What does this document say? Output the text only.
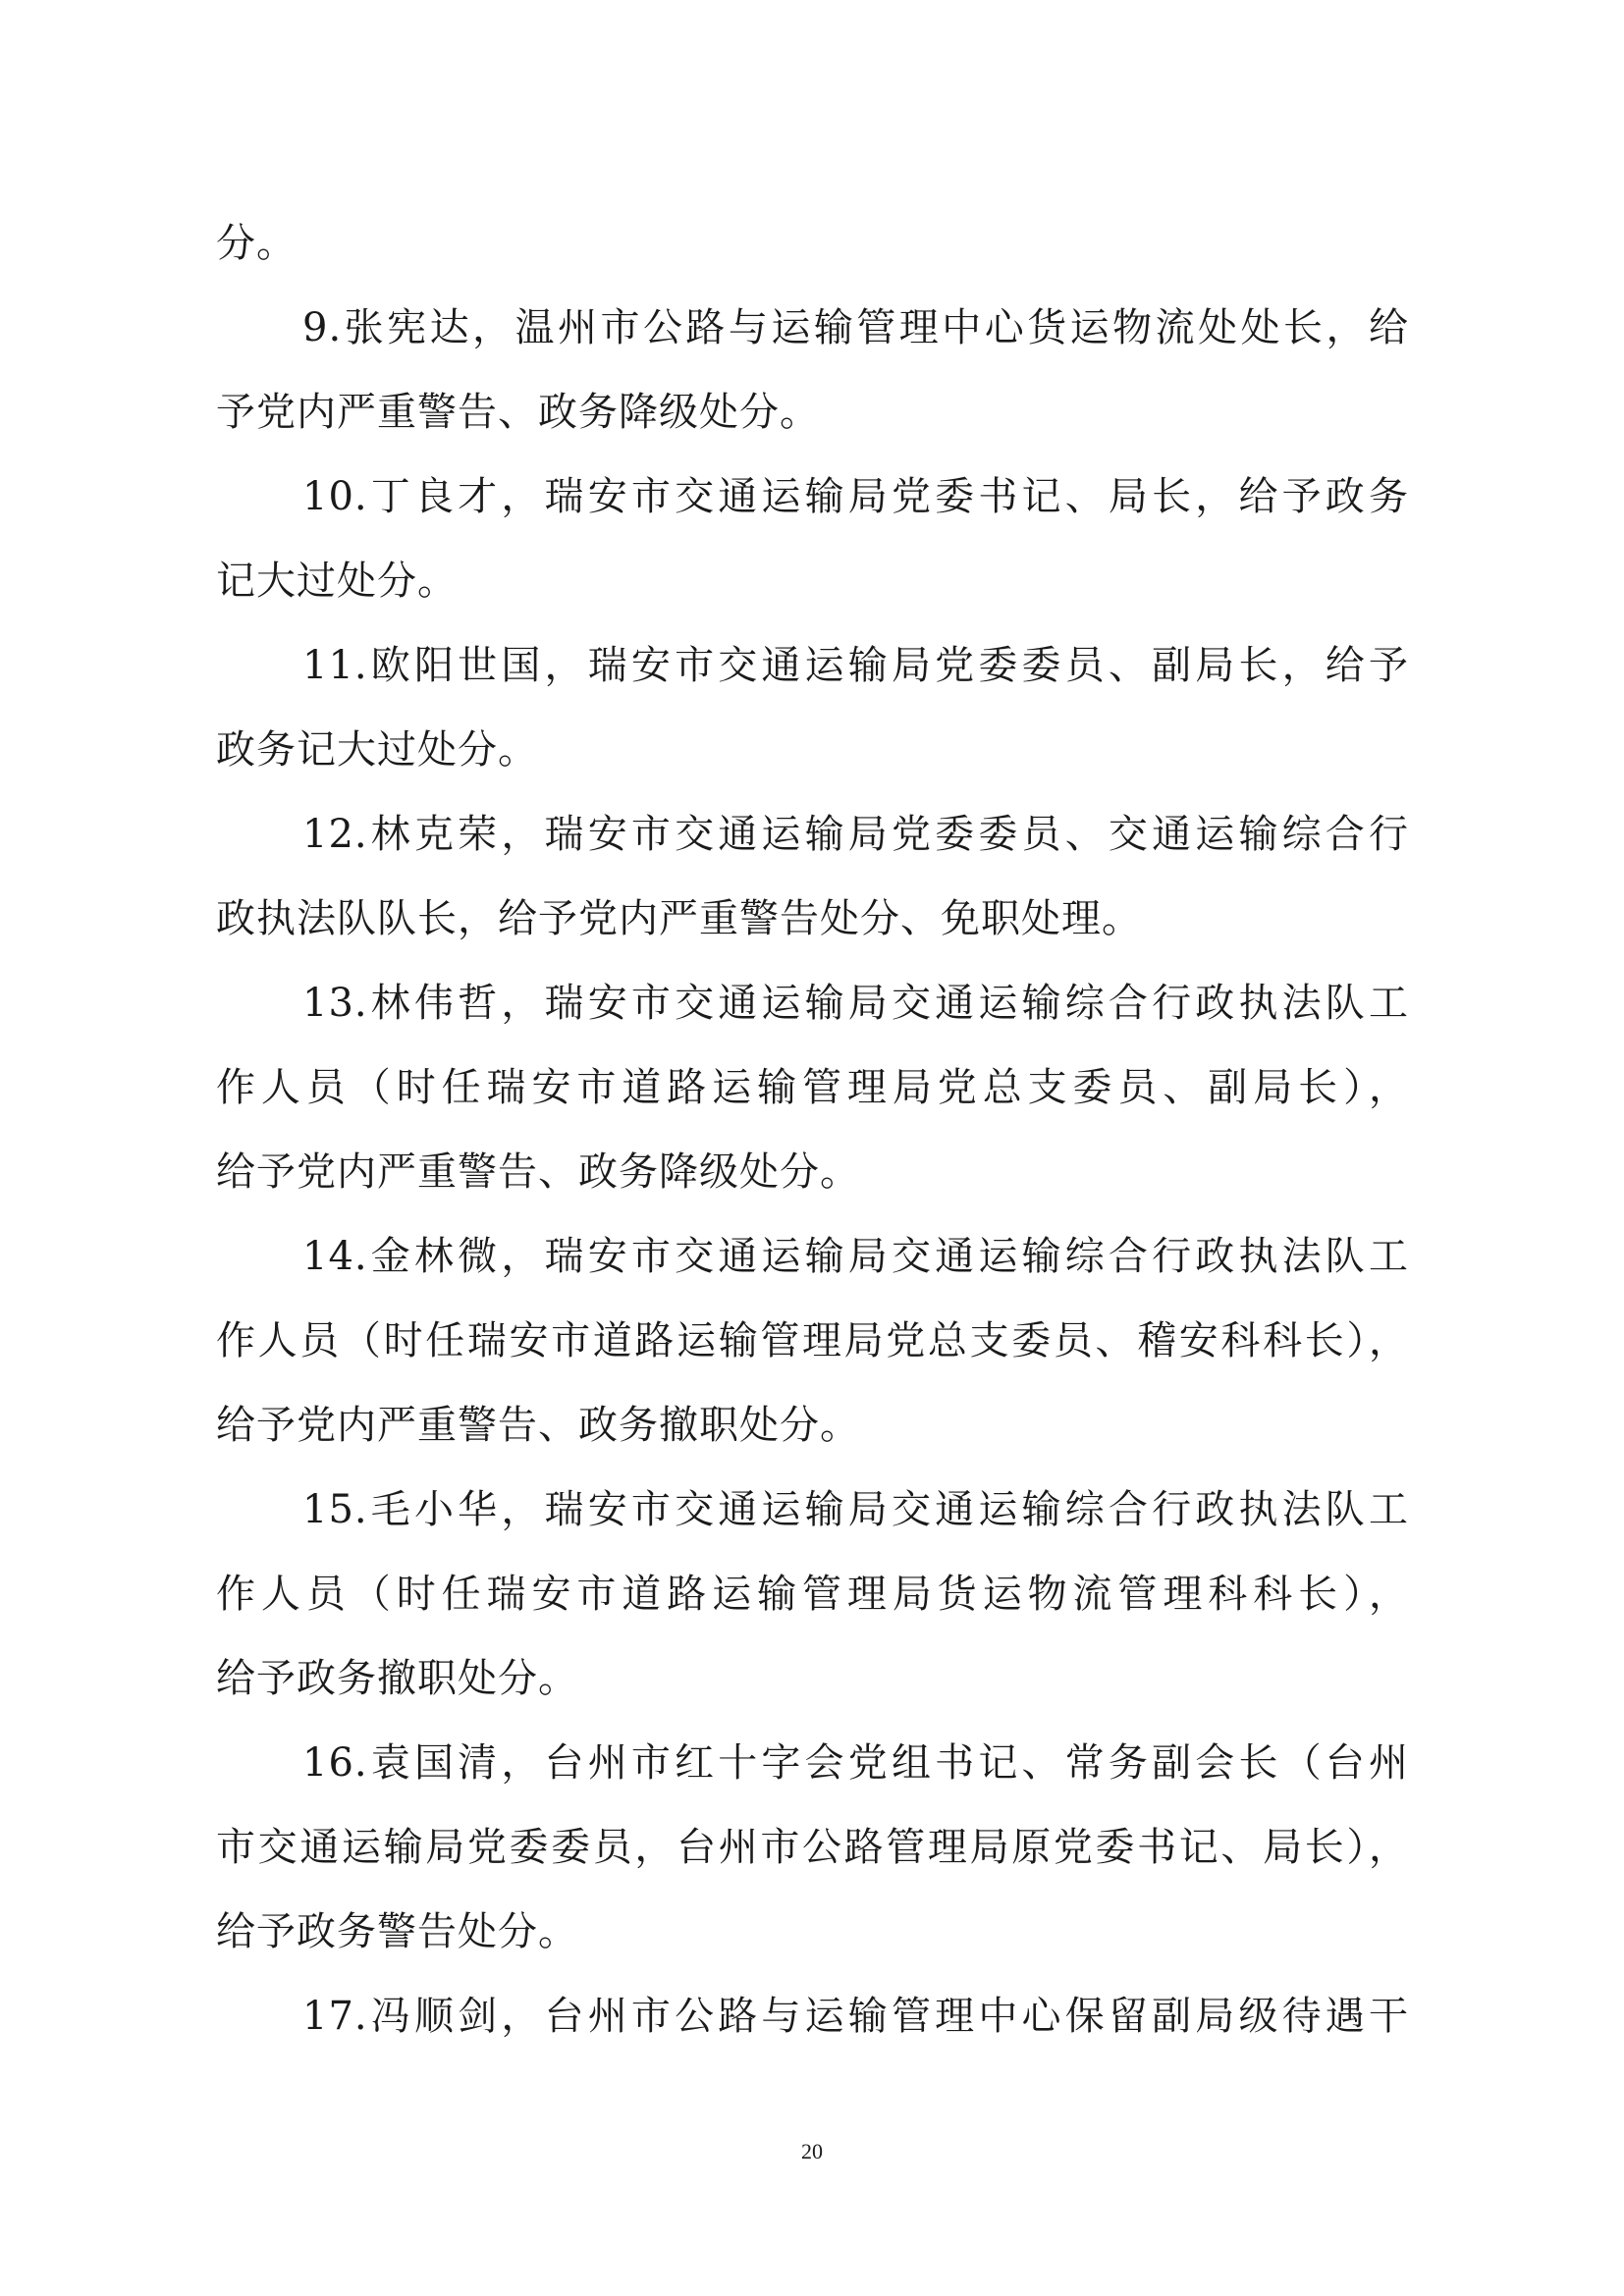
分。
9.张宪达，温州市公路与运输管理中心货运物流处处长，给
予党内严重警告、政务降级处分。
10.丁良才，瑞安市交通运输局党委书记、局长，给予政务
记大过处分。
11.欧阳世国，瑞安市交通运输局党委委员、副局长，给予
政务记大过处分。
12.林克荣，瑞安市交通运输局党委委员、交通运输综合行
政执法队队长，给予党内严重警告处分、免职处理。
13.林伟哲，瑞安市交通运输局交通运输综合行政执法队工
作人员（时任瑞安市道路运输管理局党总支委员、副局长），
给予党内严重警告、政务降级处分。
14.金林微，瑞安市交通运输局交通运输综合行政执法队工
作人员（时任瑞安市道路运输管理局党总支委员、稽安科科长），
给予党内严重警告、政务撤职处分。
15.毛小华，瑞安市交通运输局交通运输综合行政执法队工
作人员（时任瑞安市道路运输管理局货运物流管理科科长），
给予政务撤职处分。
16.袁国清，台州市红十字会党组书记、常务副会长（台州
市交通运输局党委委员，台州市公路管理局原党委书记、局长），
给予政务警告处分。
17.冯顺剑，台州市公路与运输管理中心保留副局级待遇干
20
